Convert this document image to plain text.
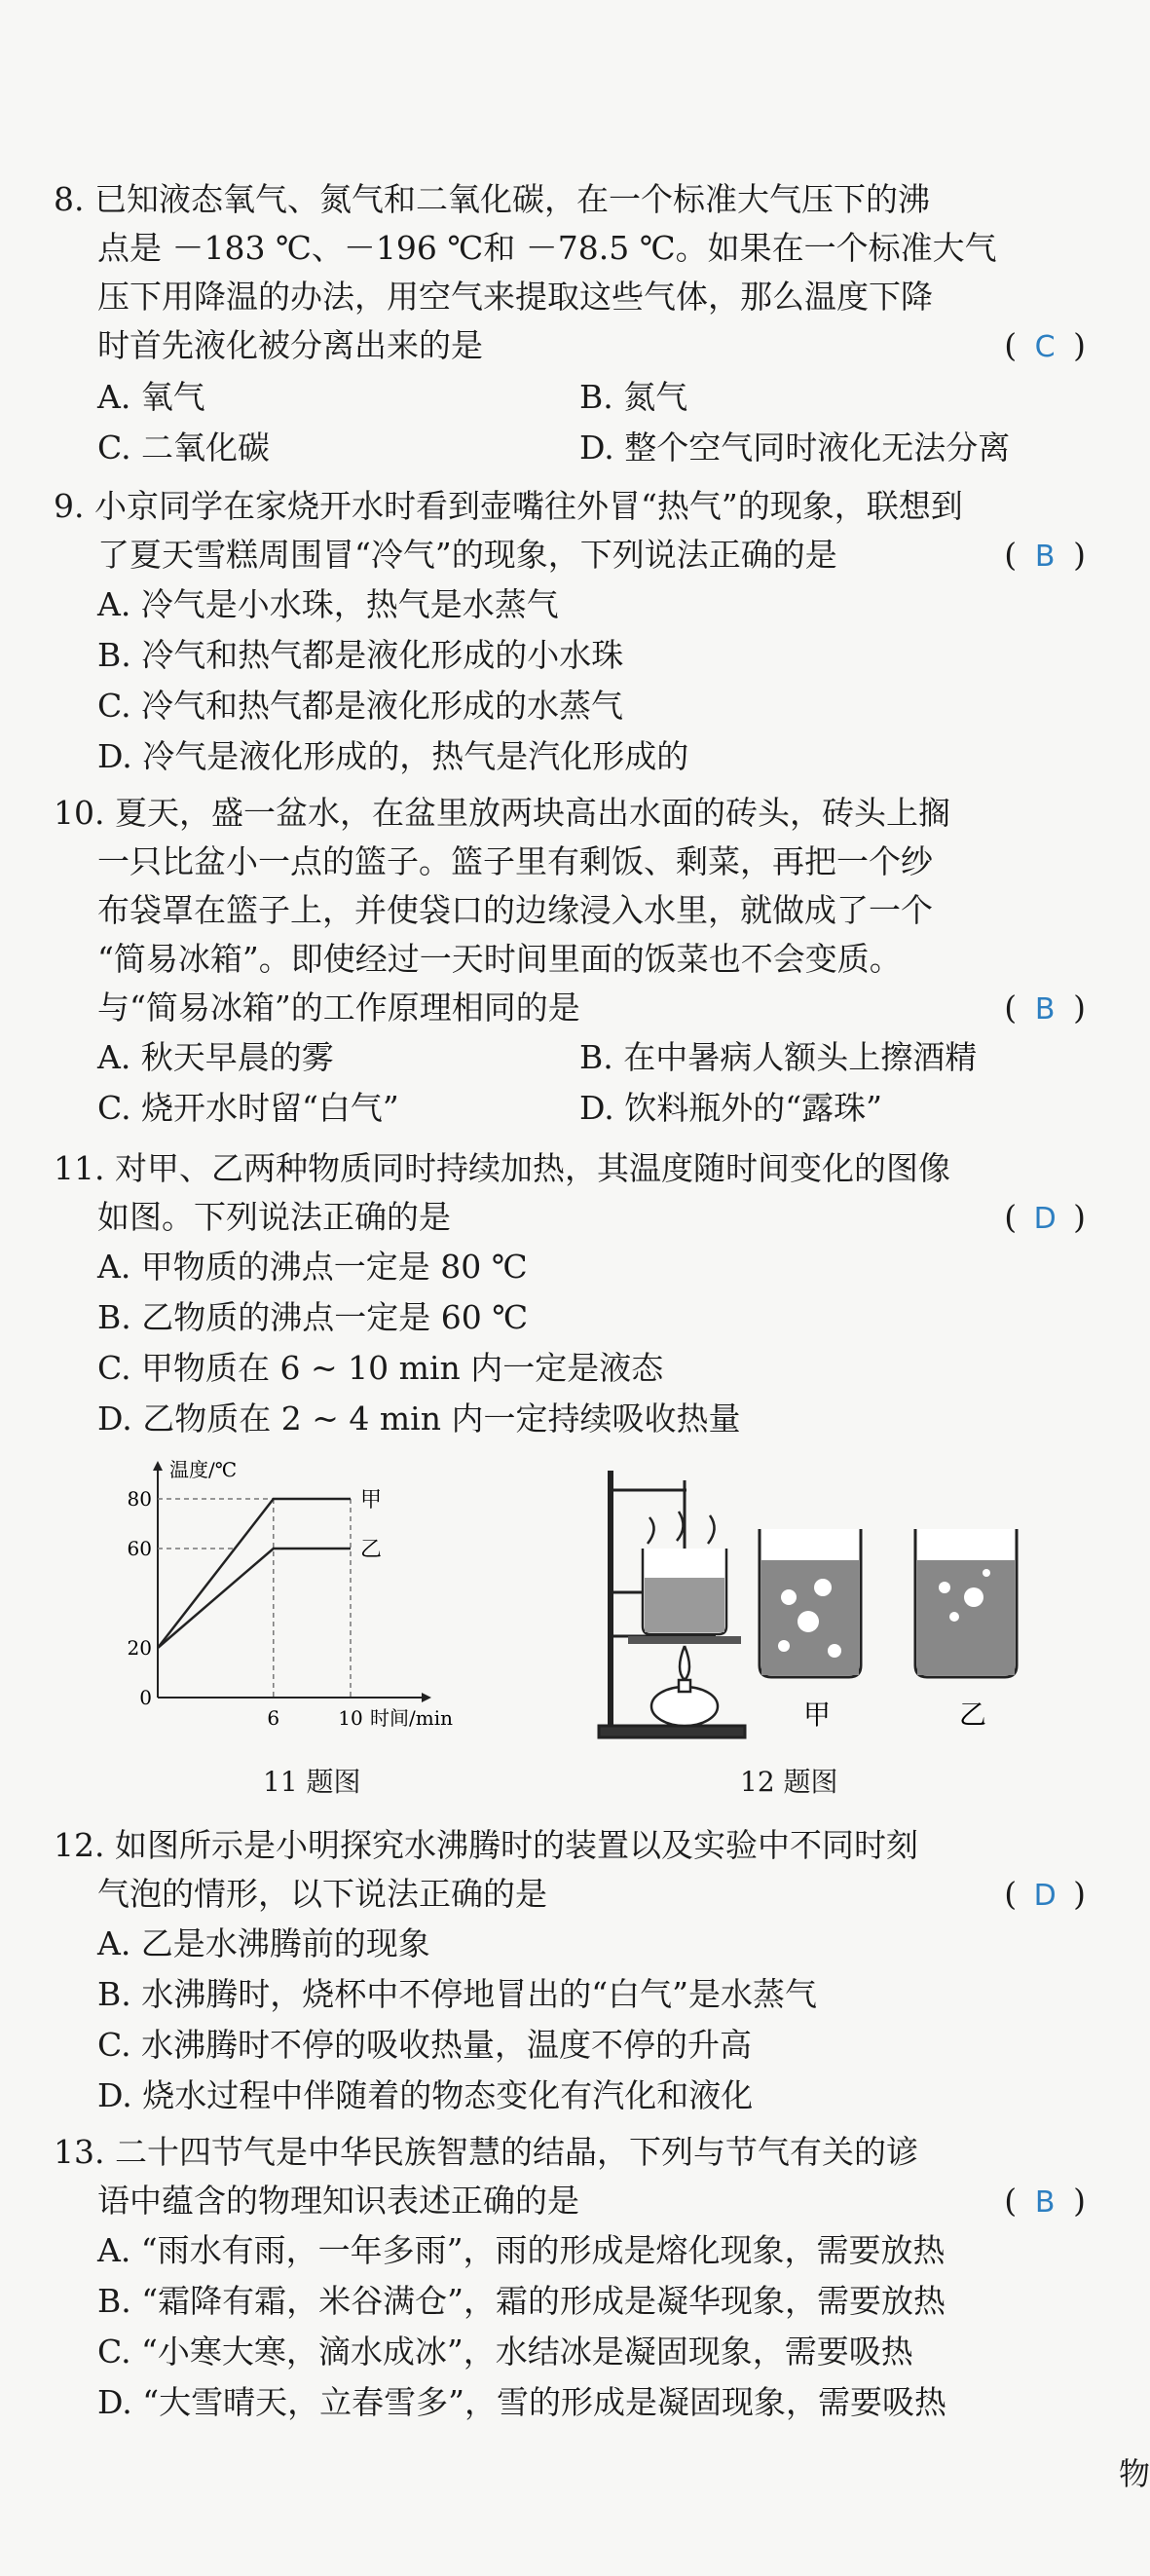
8. 已知液态氧气、氮气和二氧化碳，在一个标准大气压下的沸
点是 －183 ℃、－196 ℃和 －78.5 ℃。如果在一个标准大气
压下用降温的办法，用空气来提取这些气体，那么温度下降
时首先液化被分离出来的是	( C )
A. 氧气	B. 氮气
C. 二氧化碳	D. 整个空气同时液化无法分离
9. 小京同学在家烧开水时看到壶嘴往外冒“热气”的现象，联想到
了夏天雪糕周围冒“冷气”的现象，下列说法正确的是	( B )
A. 冷气是小水珠，热气是水蒸气
B. 冷气和热气都是液化形成的小水珠
C. 冷气和热气都是液化形成的水蒸气
D. 冷气是液化形成的，热气是汽化形成的
10. 夏天，盛一盆水，在盆里放两块高出水面的砖头，砖头上搁
一只比盆小一点的篮子。篮子里有剩饭、剩菜，再把一个纱
布袋罩在篮子上，并使袋口的边缘浸入水里，就做成了一个
“简易冰箱”。即使经过一天时间里面的饭菜也不会变质。
与“简易冰箱”的工作原理相同的是	( B )
A. 秋天早晨的雾	B. 在中暑病人额头上擦酒精
C. 烧开水时留“白气”	D. 饮料瓶外的“露珠”
11. 对甲、乙两种物质同时持续加热，其温度随时间变化的图像
如图。下列说法正确的是	( D )
A. 甲物质的沸点一定是 80 ℃
B. 乙物质的沸点一定是 60 ℃
C. 甲物质在 6 ~ 10 min 内一定是液态
D. 乙物质在 2 ~ 4 min 内一定持续吸收热量
甲
乙
0
20
60
80
6	10
温度/℃
时间/min
11 题图
甲	乙
12 题图
12. 如图所示是小明探究水沸腾时的装置以及实验中不同时刻
气泡的情形，以下说法正确的是	( D )
A. 乙是水沸腾前的现象
B. 水沸腾时，烧杯中不停地冒出的“白气”是水蒸气
C. 水沸腾时不停的吸收热量，温度不停的升高
D. 烧水过程中伴随着的物态变化有汽化和液化
13. 二十四节气是中华民族智慧的结晶，下列与节气有关的谚
语中蕴含的物理知识表述正确的是	( B )
A. “雨水有雨，一年多雨”，雨的形成是熔化现象，需要放热
B. “霜降有霜，米谷满仓”，霜的形成是凝华现象，需要放热
C. “小寒大寒，滴水成冰”，水结冰是凝固现象，需要吸热
D. “大雪晴天，立春雪多”，雪的形成是凝固现象，需要吸热
物
